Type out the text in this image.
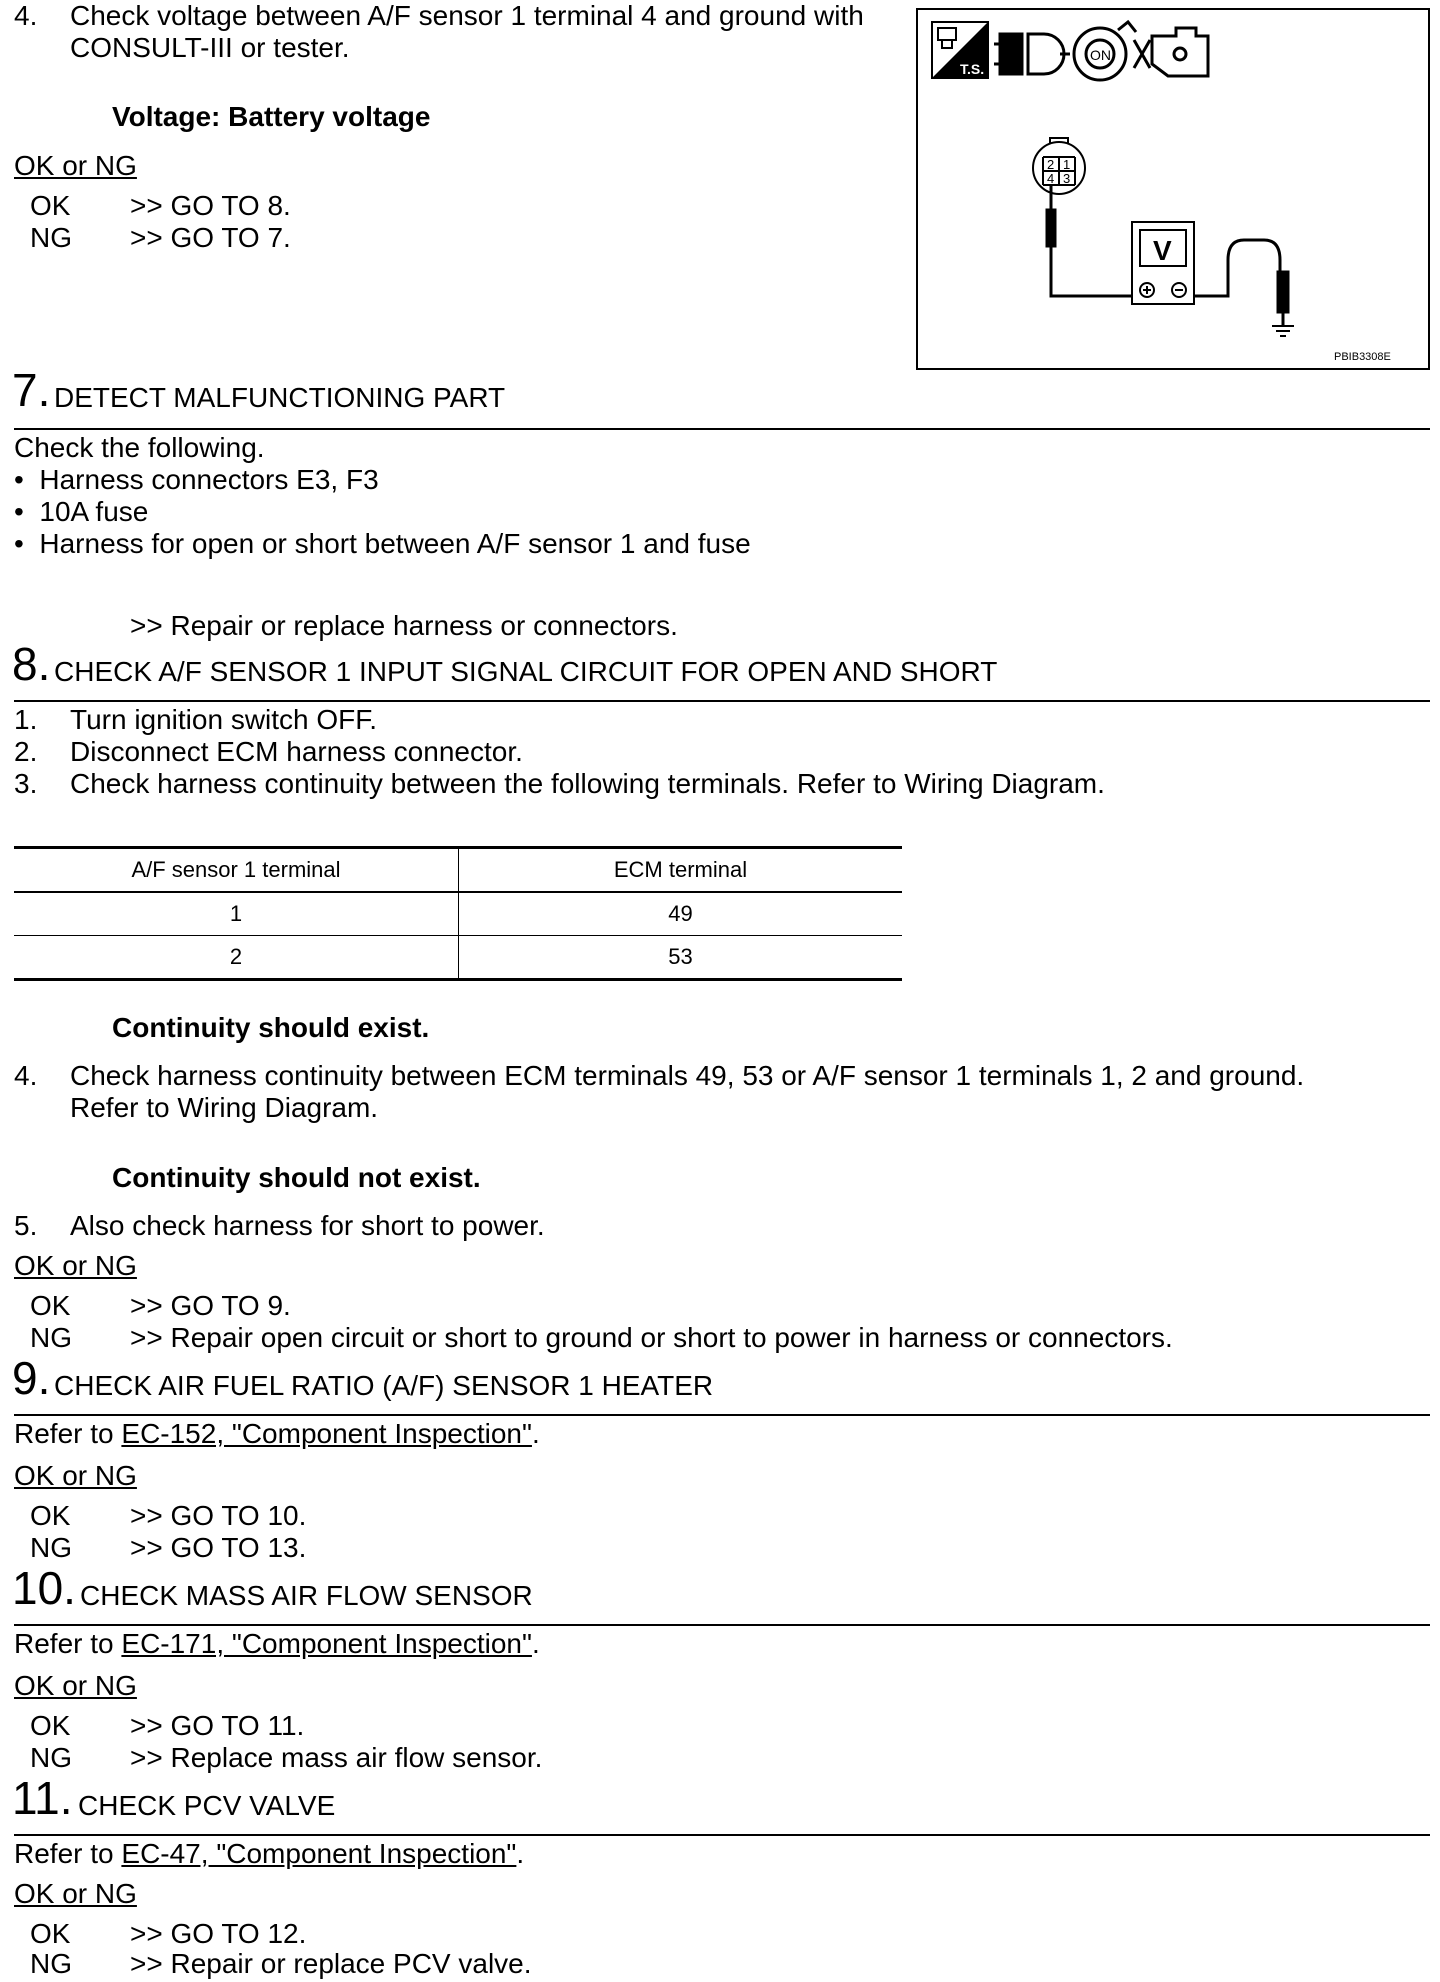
4. Check voltage between A/F sensor 1 terminal 4 and ground with
CONSULT-III or tester.
Voltage: Battery voltage
OK or NG
OK >> GO TO 8.
NG >> GO TO 7.
T.S.
ON
2 1
4 3
V
PBIB3308E
7. DETECT MALFUNCTIONING PART
Check the following.
•  Harness connectors E3, F3
•  10A fuse
•  Harness for open or short between A/F sensor 1 and fuse
>> Repair or replace harness or connectors.
8. CHECK A/F SENSOR 1 INPUT SIGNAL CIRCUIT FOR OPEN AND SHORT
1. Turn ignition switch OFF.
2. Disconnect ECM harness connector.
3. Check harness continuity between the following terminals. Refer to Wiring Diagram.
A/F sensor 1 terminal	ECM terminal
1	49
2	53
Continuity should exist.
4. Check harness continuity between ECM terminals 49, 53 or A/F sensor 1 terminals 1, 2 and ground.
Refer to Wiring Diagram.
Continuity should not exist.
5. Also check harness for short to power.
OK or NG
OK >> GO TO 9.
NG >> Repair open circuit or short to ground or short to power in harness or connectors.
9. CHECK AIR FUEL RATIO (A/F) SENSOR 1 HEATER
Refer to EC-152, "Component Inspection".
OK or NG
OK >> GO TO 10.
NG >> GO TO 13.
10. CHECK MASS AIR FLOW SENSOR
Refer to EC-171, "Component Inspection".
OK or NG
OK >> GO TO 11.
NG >> Replace mass air flow sensor.
11. CHECK PCV VALVE
Refer to EC-47, "Component Inspection".
OK or NG
OK >> GO TO 12.
NG >> Repair or replace PCV valve.
